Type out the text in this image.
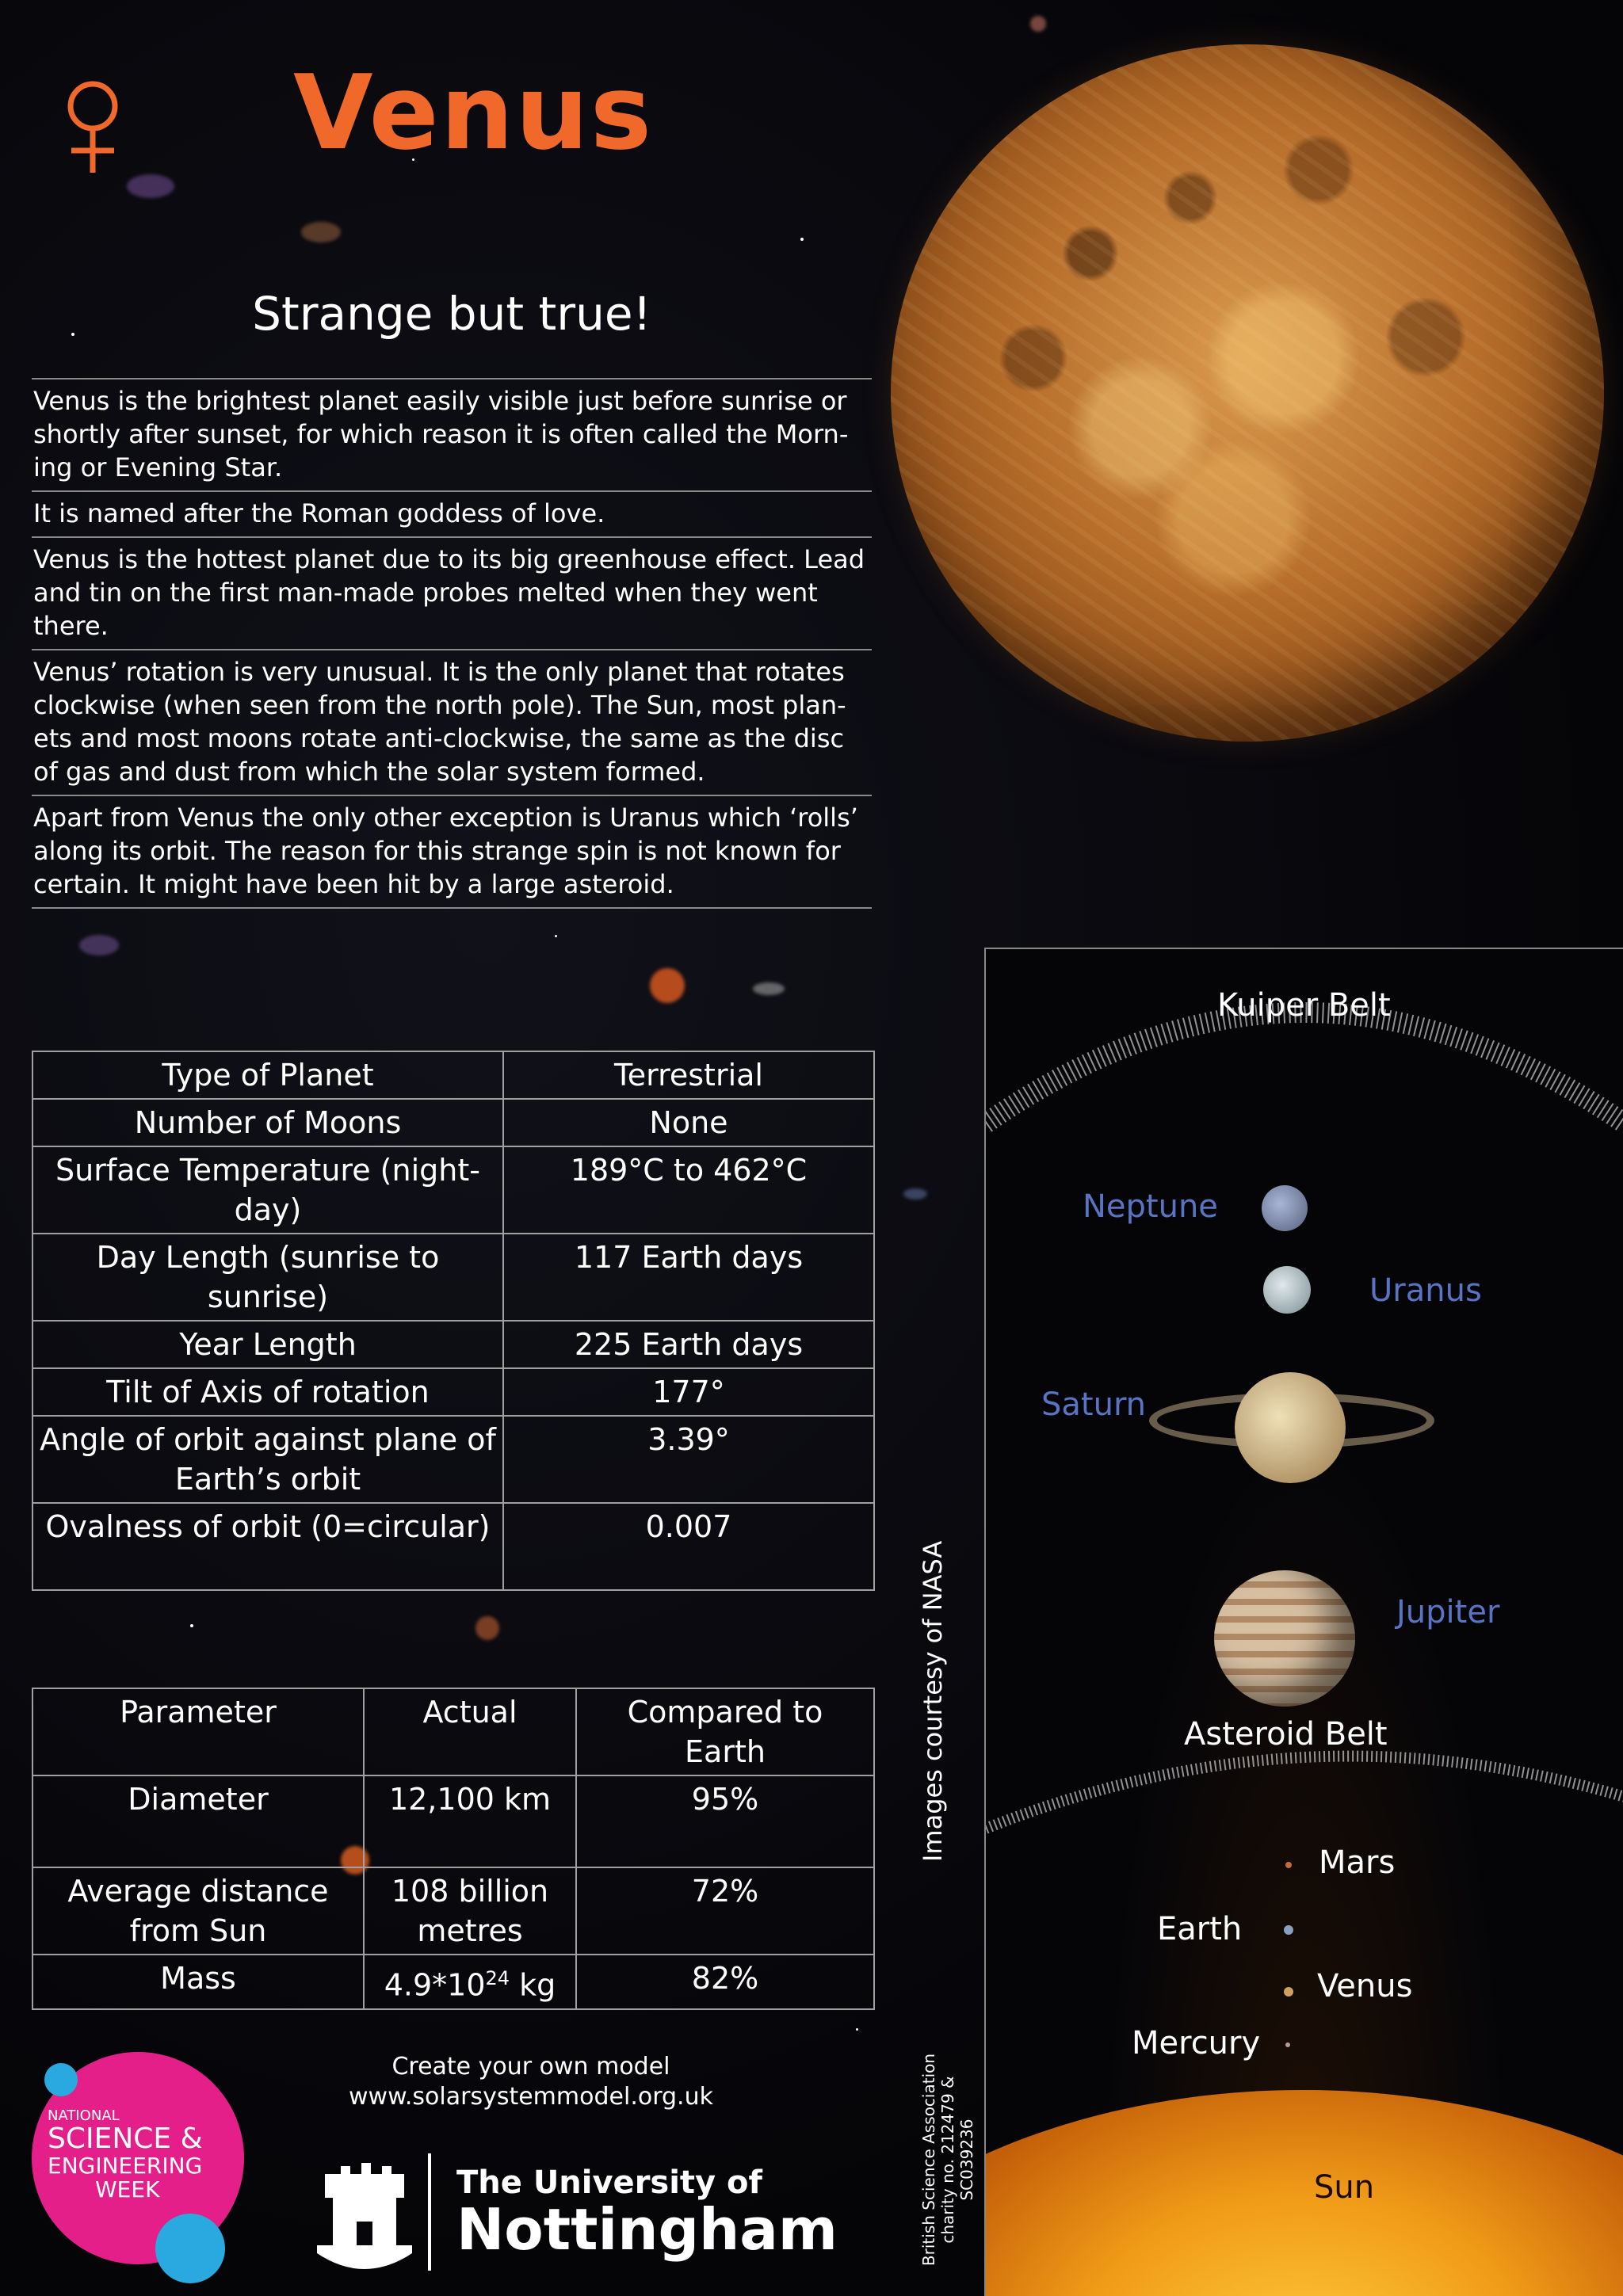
Venus
Strange but true!
Venus is the brightest planet easily visible just before sunrise or shortly after sunset, for which reason it is often called the Morn-ing or Evening Star.
It is named after the Roman goddess of love.
Venus is the hottest planet due to its big greenhouse effect. Lead and tin on the first man-made probes melted when they went there.
Venus’ rotation is very unusual. It is the only planet that rotates clockwise (when seen from the north pole). The Sun, most plan-ets and most moons rotate anti-clockwise, the same as the disc of gas and dust from which the solar system formed.
Apart from Venus the only other exception is Uranus which ‘rolls’ along its orbit. The reason for this strange spin is not known for certain. It might have been hit by a large asteroid.
Type of Planet	Terrestrial
Number of Moons	None
Surface Temperature (night-day)	189°C to 462°C
Day Length (sunrise to sunrise)	117 Earth days
Year Length	225 Earth days
Tilt of Axis of rotation	177°
Angle of orbit against plane of Earth’s orbit	3.39°
Ovalness of orbit (0=circular)	0.007
Parameter	Actual	Compared to Earth
Diameter	12,100 km	95%
Average distance from Sun	108 billion metres	72%
Mass	$4.9*10^{24}$ kg	82%
NATIONAL
SCIENCE &
ENGINEERING
WEEK
Create your own model
www.solarsystemmodel.org.uk
The University of
Nottingham
Images courtesy of NASA
British Science Association charity no. 212479 & SC039236
Kuiper Belt
Neptune
Uranus
Saturn
Jupiter
Asteroid Belt
Mars
Earth
Venus
Mercury
Sun
